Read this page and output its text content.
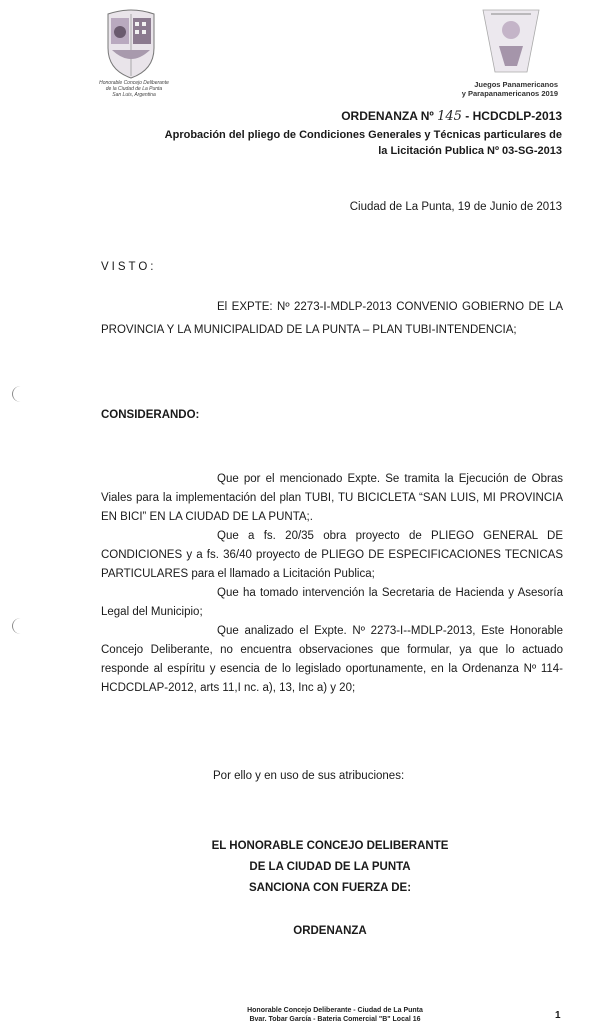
Honorable Concejo Deliberante
de la Ciudad de La Punta
San Luis, Argentina
Juegos Panamericanos
y Parapanamericanos 2019
ORDENANZA Nº 145 - HCDCDLP-2013
Aprobación del pliego de Condiciones Generales y Técnicas particulares de
la Licitación Publica Nº 03-SG-2013
Ciudad de La Punta, 19 de Junio de 2013
VISTO:

El EXPTE: Nº 2273-I-MDLP-2013 CONVENIO GOBIERNO DE LA PROVINCIA Y LA MUNICIPALIDAD DE LA PUNTA – PLAN TUBI-INTENDENCIA;

CONSIDERANDO:

Que por el mencionado Expte. Se tramita la Ejecución de Obras Viales para la implementación del plan TUBI, TU BICICLETA “SAN LUIS, MI PROVINCIA EN BICI” EN LA CIUDAD DE LA PUNTA;.

Que a fs. 20/35 obra proyecto de PLIEGO GENERAL DE CONDICIONES y a fs. 36/40 proyecto de PLIEGO DE ESPECIFICACIONES TECNICAS PARTICULARES para el llamado a Licitación Publica;

Que ha tomado intervención la Secretaria de Hacienda y Asesoría Legal del Municipio;

Que analizado el Expte. Nº 2273-I--MDLP-2013, Este Honorable Concejo Deliberante, no encuentra observaciones que formular, ya que lo actuado responde al espíritu y esencia de lo legislado oportunamente, en la Ordenanza Nº 114-HCDCDLAP-2012, arts 11,I nc. a), 13, Inc a) y 20;

Por ello y en uso de sus atribuciones:
EL HONORABLE CONCEJO DELIBERANTE
DE LA CIUDAD DE LA PUNTA
SANCIONA CON FUERZA DE:
ORDENANZA
Honorable Concejo Deliberante - Ciudad de La Punta
Bvar. Tobar García - Bateria Comercial "B" Local 16	1
